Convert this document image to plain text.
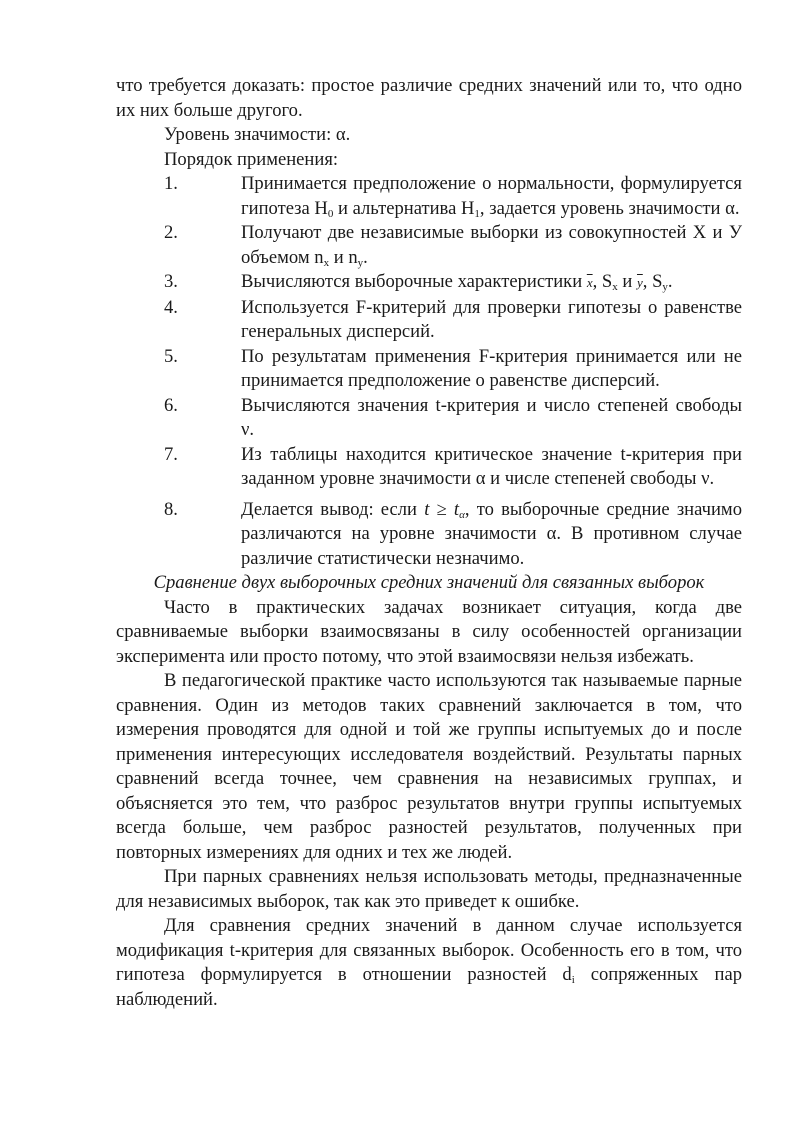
что требуется доказать: простое различие средних значений или то, что одно их них больше другого.

Уровень значимости: α.

Порядок применения:

1.	Принимается предположение о нормальности, формулируется гипотеза $H_0$ и альтернатива $H_1$, задается уровень значимости α.
2.	Получают две независимые выборки из совокупностей X и У объемом $n_x$ и $n_y$.
3.	Вычисляются выборочные характеристики $\overline{x}$, $S_x$ и $\overline{y}$, $S_y$.
4.	Используется F-критерий для проверки гипотезы о равенстве генеральных дисперсий.
5.	По результатам применения F-критерия принимается или не принимается предположение о равенстве дисперсий.
6.	Вычисляются значения t-критерия и число степеней свободы ν.
7.	Из таблицы находится критическое значение t-критерия при заданном уровне значимости α и числе степеней свободы ν.
8.	Делается вывод: если $t \ge t_\alpha$, то выборочные средние значимо различаются на уровне значимости α. В противном случае различие статистически незначимо.

Сравнение двух выборочных средних значений для связанных выборок

Часто в практических задачах возникает ситуация, когда две сравниваемые выборки взаимосвязаны в силу особенностей организации эксперимента или просто потому, что этой взаимосвязи нельзя избежать.

В педагогической практике часто используются так называемые парные сравнения. Один из методов таких сравнений заключается в том, что измерения проводятся для одной и той же группы испытуемых до и после применения интересующих исследователя воздействий. Результаты парных сравнений всегда точнее, чем сравнения на независимых группах, и объясняется это тем, что разброс результатов внутри группы испытуемых всегда больше, чем разброс разностей результатов, полученных при повторных измерениях для одних и тех же людей.

При парных сравнениях нельзя использовать методы, предназначенные для независимых выборок, так как это приведет к ошибке.

Для сравнения средних значений в данном случае используется модификация t-критерия для связанных выборок. Особенность его в том, что гипотеза формулируется в отношении разностей $d_i$ сопряженных пар наблюдений.
